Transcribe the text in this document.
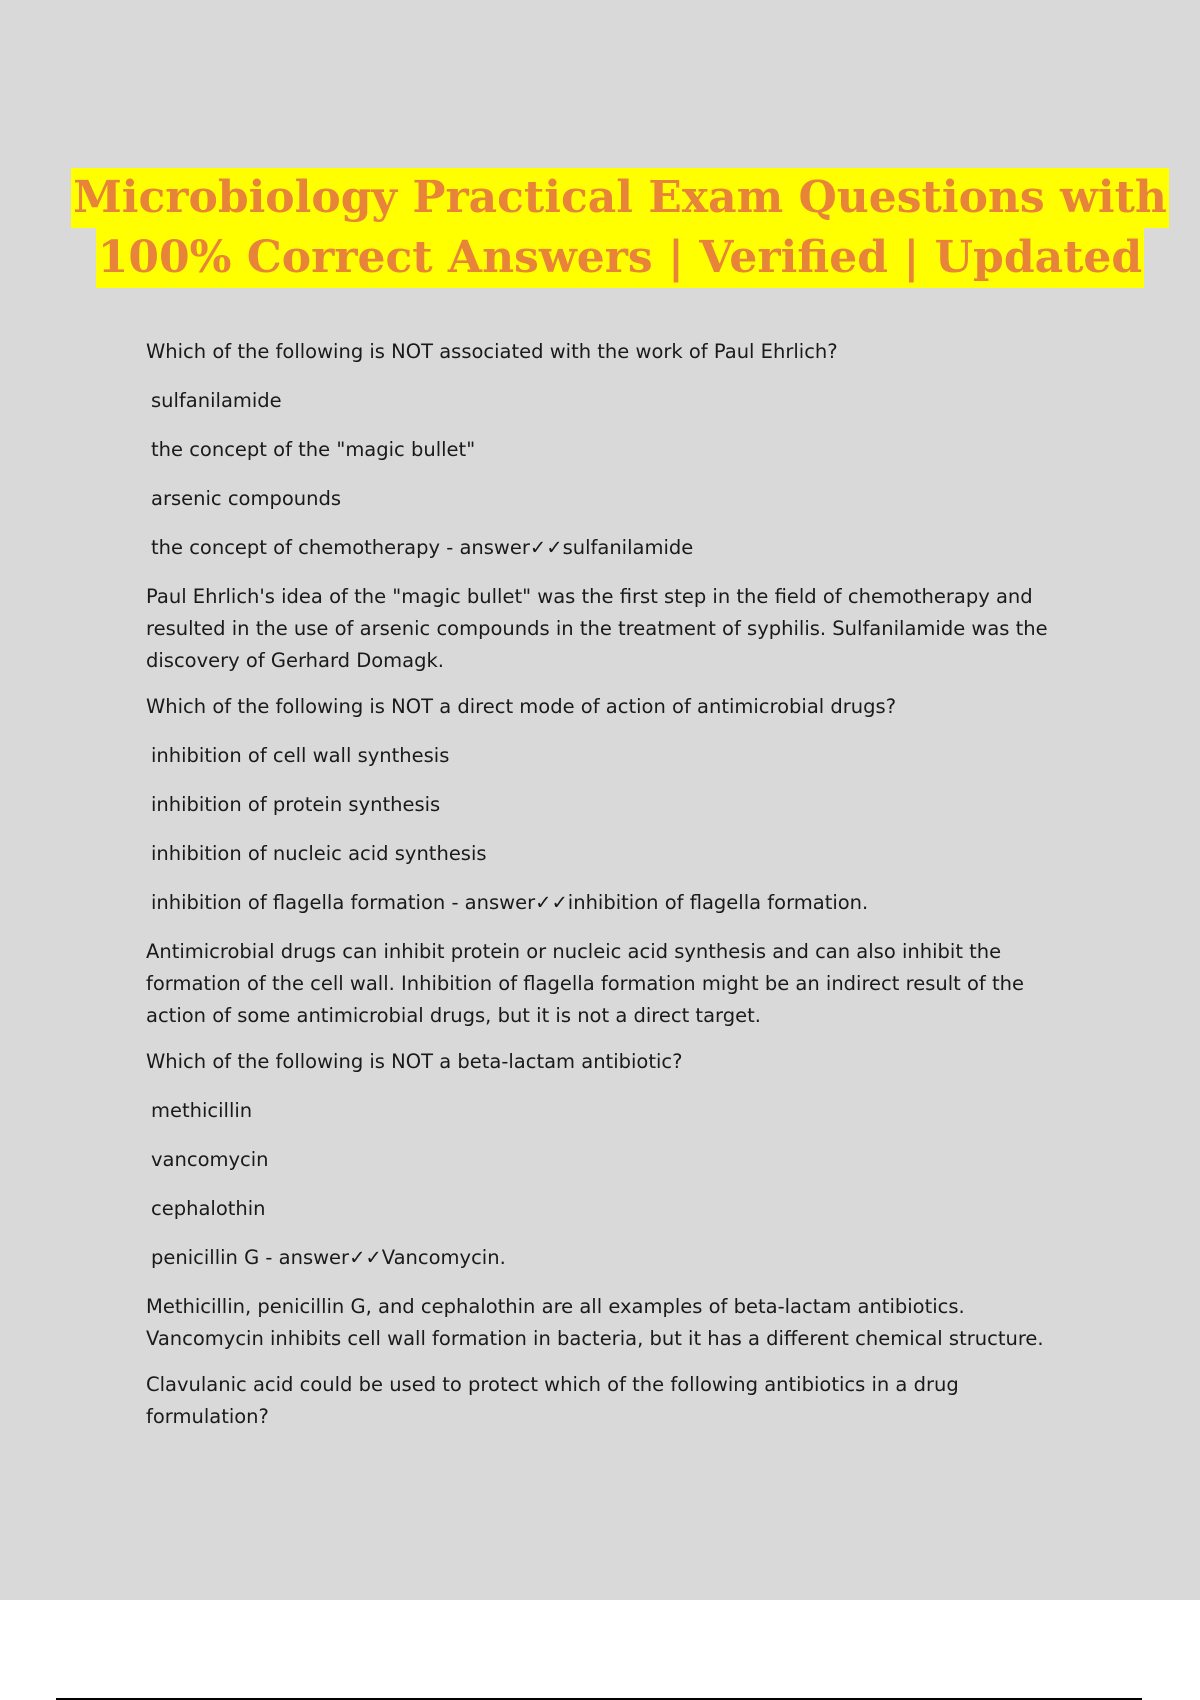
Microbiology Practical Exam Questions with
100% Correct Answers | Verified | Updated
Which of the following is NOT associated with the work of Paul Ehrlich?
sulfanilamide
the concept of the "magic bullet"
arsenic compounds
the concept of chemotherapy - answer✓✓sulfanilamide
Paul Ehrlich's idea of the "magic bullet" was the first step in the field of chemotherapy and resulted in the use of arsenic compounds in the treatment of syphilis. Sulfanilamide was the discovery of Gerhard Domagk.
Which of the following is NOT a direct mode of action of antimicrobial drugs?
inhibition of cell wall synthesis
inhibition of protein synthesis
inhibition of nucleic acid synthesis
inhibition of flagella formation - answer✓✓inhibition of flagella formation.
Antimicrobial drugs can inhibit protein or nucleic acid synthesis and can also inhibit the formation of the cell wall. Inhibition of flagella formation might be an indirect result of the action of some antimicrobial drugs, but it is not a direct target.
Which of the following is NOT a beta-lactam antibiotic?
methicillin
vancomycin
cephalothin
penicillin G - answer✓✓Vancomycin.
Methicillin, penicillin G, and cephalothin are all examples of beta-lactam antibiotics. Vancomycin inhibits cell wall formation in bacteria, but it has a different chemical structure.
Clavulanic acid could be used to protect which of the following antibiotics in a drug formulation?
